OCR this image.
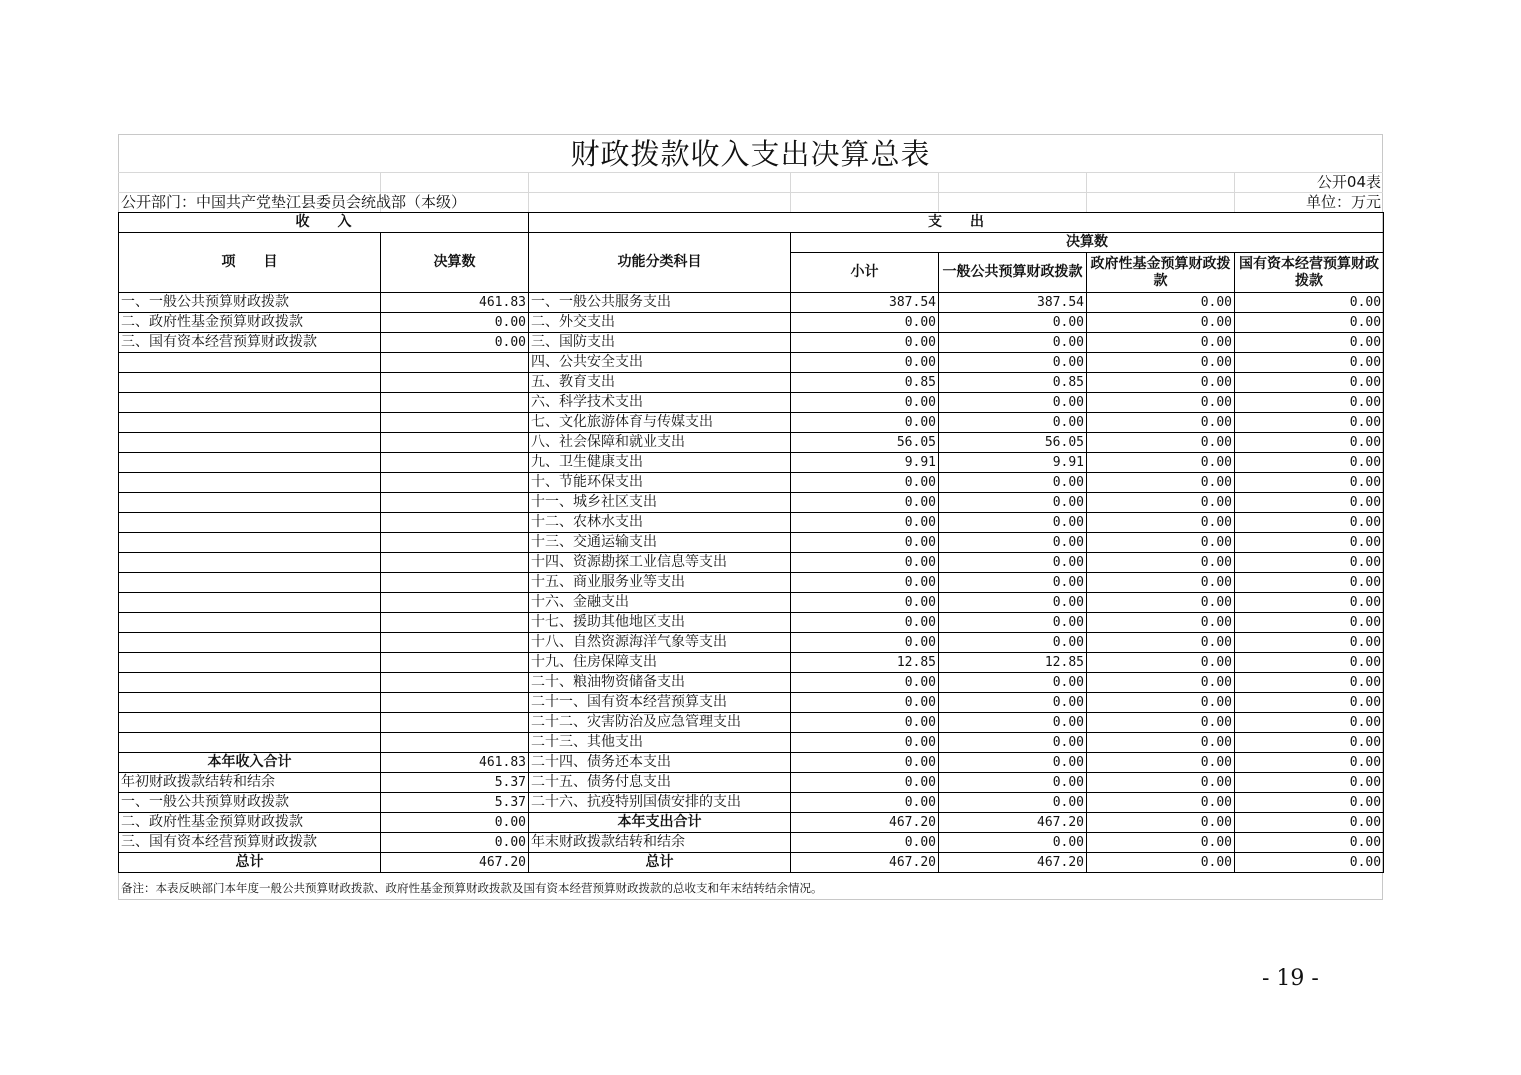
财政拨款收入支出决算总表
公开04表
公开部门：中国共产党垫江县委员会统战部（本级）	单位：万元
收　　入		支　　出				
项　　目	决算数	功能分类科目	决算数			
			小计	一般公共预算财政拨款	政府性基金预算财政拨款	国有资本经营预算财政拨款
一、一般公共预算财政拨款	461.83	一、一般公共服务支出	387.54	387.54	0.00	0.00
二、政府性基金预算财政拨款	0.00	二、外交支出	0.00	0.00	0.00	0.00
三、国有资本经营预算财政拨款	0.00	三、国防支出	0.00	0.00	0.00	0.00
		四、公共安全支出	0.00	0.00	0.00	0.00
		五、教育支出	0.85	0.85	0.00	0.00
		六、科学技术支出	0.00	0.00	0.00	0.00
		七、文化旅游体育与传媒支出	0.00	0.00	0.00	0.00
		八、社会保障和就业支出	56.05	56.05	0.00	0.00
		九、卫生健康支出	9.91	9.91	0.00	0.00
		十、节能环保支出	0.00	0.00	0.00	0.00
		十一、城乡社区支出	0.00	0.00	0.00	0.00
		十二、农林水支出	0.00	0.00	0.00	0.00
		十三、交通运输支出	0.00	0.00	0.00	0.00
		十四、资源勘探工业信息等支出	0.00	0.00	0.00	0.00
		十五、商业服务业等支出	0.00	0.00	0.00	0.00
		十六、金融支出	0.00	0.00	0.00	0.00
		十七、援助其他地区支出	0.00	0.00	0.00	0.00
		十八、自然资源海洋气象等支出	0.00	0.00	0.00	0.00
		十九、住房保障支出	12.85	12.85	0.00	0.00
		二十、粮油物资储备支出	0.00	0.00	0.00	0.00
		二十一、国有资本经营预算支出	0.00	0.00	0.00	0.00
		二十二、灾害防治及应急管理支出	0.00	0.00	0.00	0.00
		二十三、其他支出	0.00	0.00	0.00	0.00
本年收入合计	461.83	二十四、债务还本支出	0.00	0.00	0.00	0.00
年初财政拨款结转和结余	5.37	二十五、债务付息支出	0.00	0.00	0.00	0.00
一、一般公共预算财政拨款	5.37	二十六、抗疫特别国债安排的支出	0.00	0.00	0.00	0.00
二、政府性基金预算财政拨款	0.00	本年支出合计	467.20	467.20	0.00	0.00
三、国有资本经营预算财政拨款	0.00	年末财政拨款结转和结余	0.00	0.00	0.00	0.00
总计	467.20	总计	467.20	467.20	0.00	0.00
备注：本表反映部门本年度一般公共预算财政拨款、政府性基金预算财政拨款及国有资本经营预算财政拨款的总收支和年末结转结余情况。
- 19 -
